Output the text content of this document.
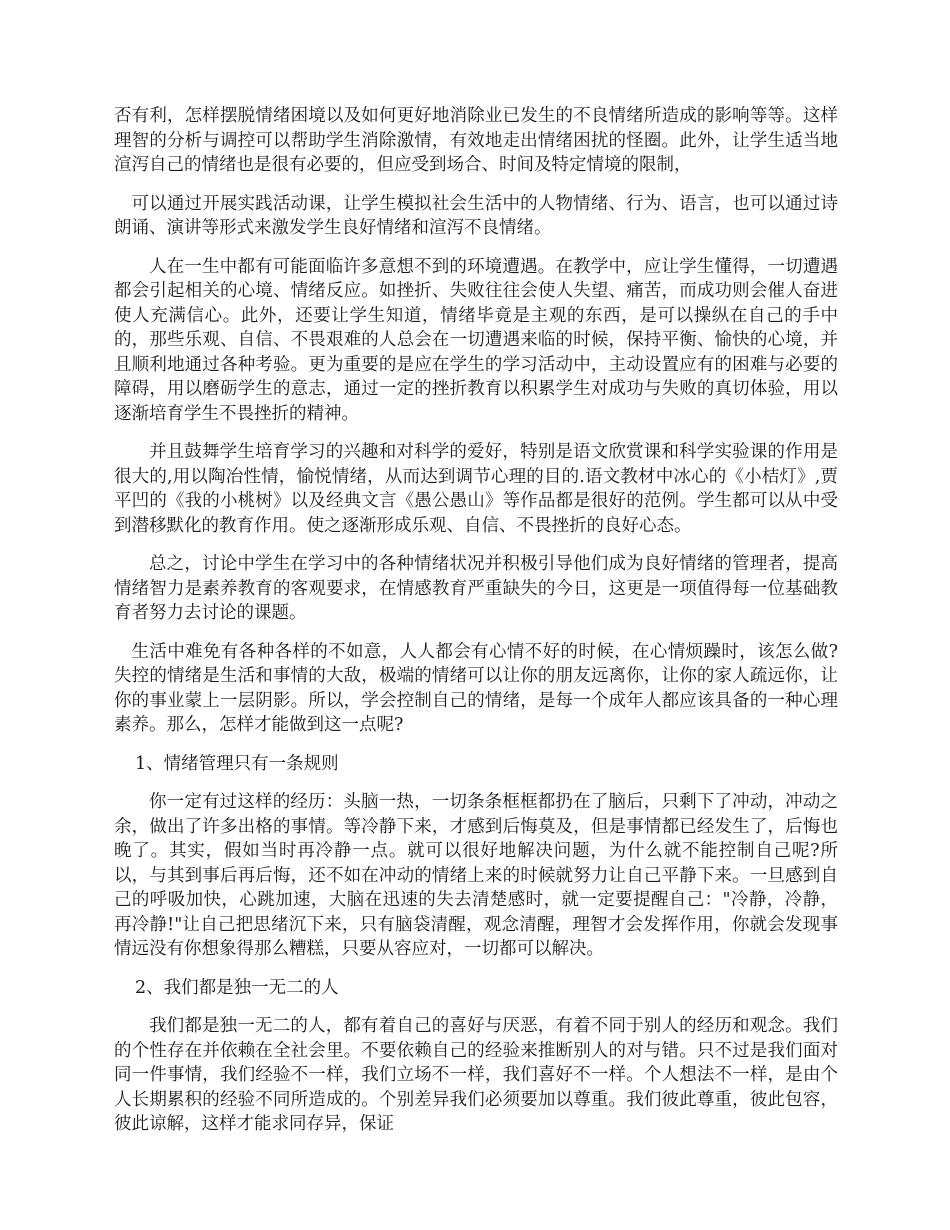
否有利，怎样摆脱情绪困境以及如何更好地消除业已发生的不良情绪所造成的影响等等。这样理智的分析与调控可以帮助学生消除激情，有效地走出情绪困扰的怪圈。此外，让学生适当地渲泻自己的情绪也是很有必要的，但应受到场合、时间及特定情境的限制，

可以通过开展实践活动课，让学生模拟社会生活中的人物情绪、行为、语言，也可以通过诗朗诵、演讲等形式来激发学生良好情绪和渲泻不良情绪。

人在一生中都有可能面临许多意想不到的环境遭遇。在教学中，应让学生懂得，一切遭遇都会引起相关的心境、情绪反应。如挫折、失败往往会使人失望、痛苦，而成功则会催人奋进使人充满信心。此外，还要让学生知道，情绪毕竟是主观的东西，是可以操纵在自己的手中的，那些乐观、自信、不畏艰难的人总会在一切遭遇来临的时候，保持平衡、愉快的心境，并且顺利地通过各种考验。更为重要的是应在学生的学习活动中，主动设置应有的困难与必要的障碍，用以磨砺学生的意志，通过一定的挫折教育以积累学生对成功与失败的真切体验，用以逐渐培育学生不畏挫折的精神。

并且鼓舞学生培育学习的兴趣和对科学的爱好，特别是语文欣赏课和科学实验课的作用是很大的,用以陶冶性情，愉悦情绪，从而达到调节心理的目的.语文教材中冰心的《小桔灯》,贾平凹的《我的小桃树》以及经典文言《愚公愚山》等作品都是很好的范例。学生都可以从中受到潜移默化的教育作用。使之逐渐形成乐观、自信、不畏挫折的良好心态。

总之，讨论中学生在学习中的各种情绪状况并积极引导他们成为良好情绪的管理者，提高情绪智力是素养教育的客观要求，在情感教育严重缺失的今日，这更是一项值得每一位基础教育者努力去讨论的课题。

生活中难免有各种各样的不如意，人人都会有心情不好的时候，在心情烦躁时，该怎么做?失控的情绪是生活和事情的大敌，极端的情绪可以让你的朋友远离你，让你的家人疏远你，让你的事业蒙上一层阴影。所以，学会控制自己的情绪，是每一个成年人都应该具备的一种心理素养。那么，怎样才能做到这一点呢?

1、情绪管理只有一条规则

你一定有过这样的经历：头脑一热，一切条条框框都扔在了脑后，只剩下了冲动，冲动之余，做出了许多出格的事情。等冷静下来，才感到后悔莫及，但是事情都已经发生了，后悔也晚了。其实，假如当时再冷静一点。就可以很好地解决问题，为什么就不能控制自己呢?所以，与其到事后再后悔，还不如在冲动的情绪上来的时候就努力让自己平静下来。一旦感到自己的呼吸加快，心跳加速，大脑在迅速的失去清楚感时，就一定要提醒自己："冷静，冷静，再冷静!"让自己把思绪沉下来，只有脑袋清醒，观念清醒，理智才会发挥作用，你就会发现事情远没有你想象得那么糟糕，只要从容应对，一切都可以解决。

2、我们都是独一无二的人

我们都是独一无二的人，都有着自己的喜好与厌恶，有着不同于别人的经历和观念。我们的个性存在并依赖在全社会里。不要依赖自己的经验来推断别人的对与错。只不过是我们面对同一件事情，我们经验不一样，我们立场不一样，我们喜好不一样。个人想法不一样，是由个人长期累积的经验不同所造成的。个别差异我们必须要加以尊重。我们彼此尊重，彼此包容，彼此谅解，这样才能求同存异，保证
